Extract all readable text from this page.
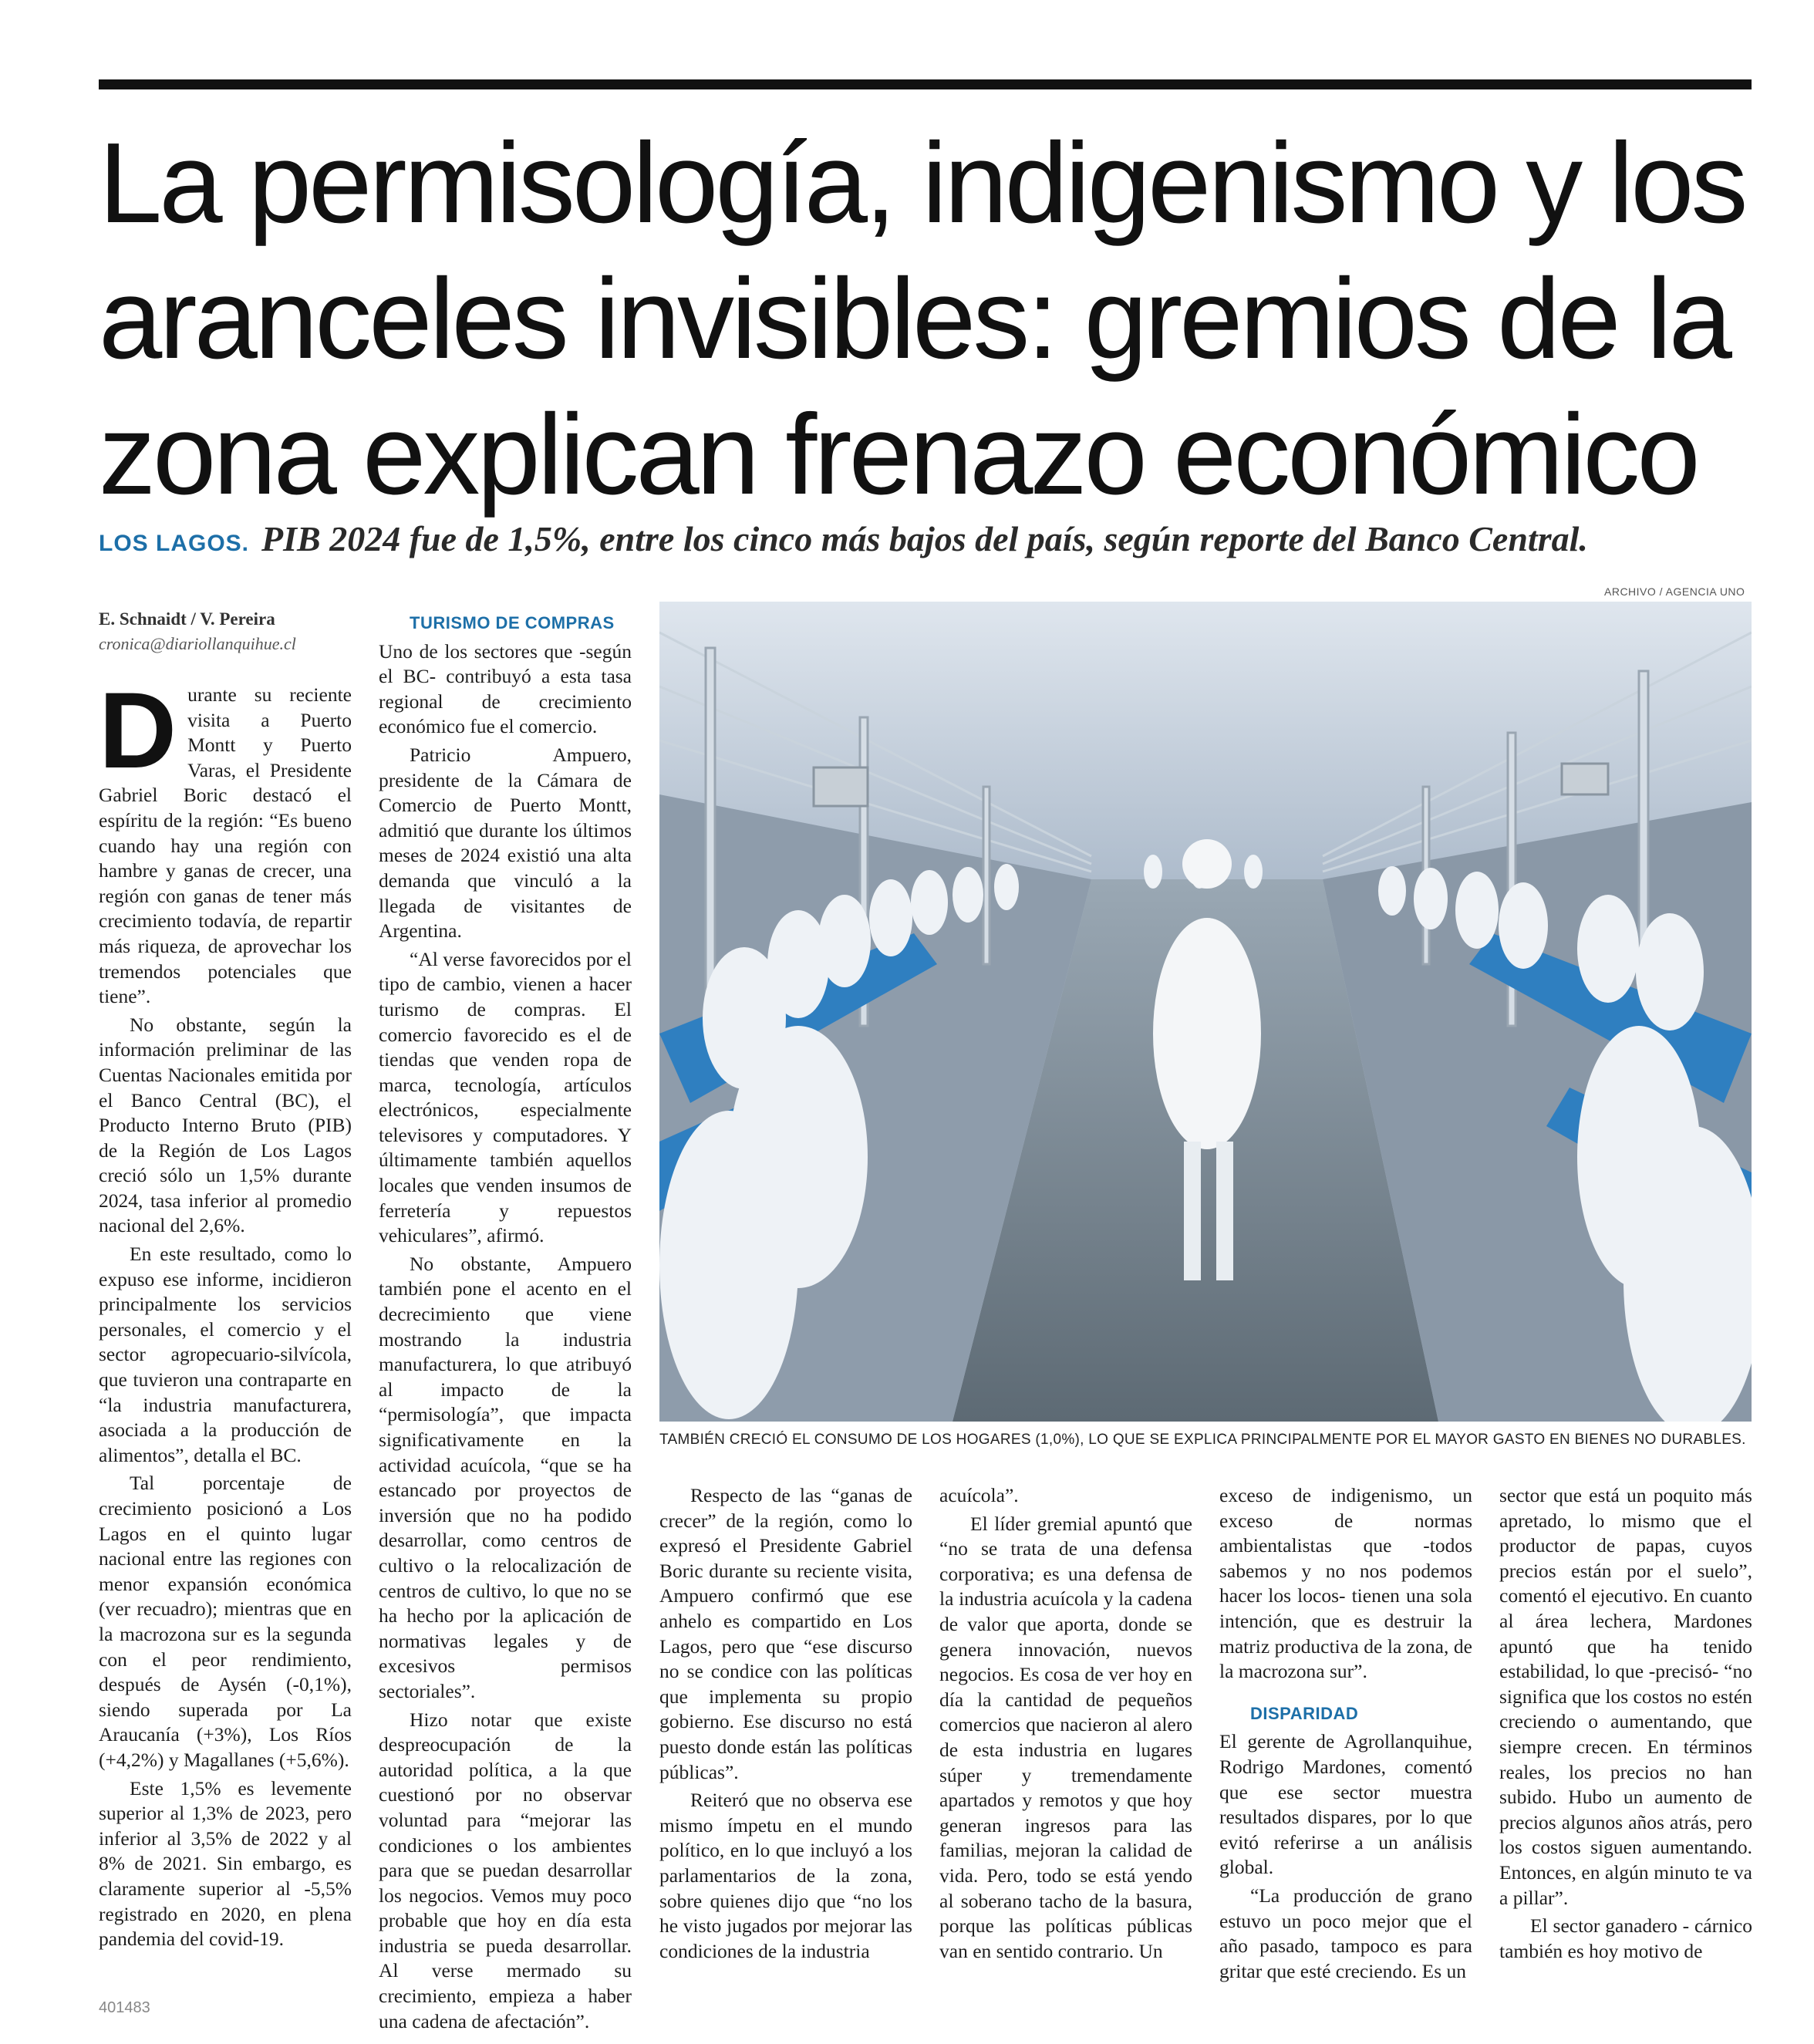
La permisología, indigenismo y los
aranceles invisibles: gremios de la
zona explican frenazo económico
LOS LAGOS. PIB 2024 fue de 1,5%, entre los cinco más bajos del país, según reporte del Banco Central.
E. Schnaidt / V. Pereira
cronica@diariollanquihue.cl

Durante su reciente visita a Puerto Montt y Puerto Varas, el Presidente Gabriel Boric destacó el espíritu de la región: “Es bueno cuando hay una región con hambre y ganas de crecer, una región con ganas de tener más crecimiento todavía, de repartir más riqueza, de aprovechar los tremendos potenciales que tiene”.

No obstante, según la información preliminar de las Cuentas Nacionales emitida por el Banco Central (BC), el Producto Interno Bruto (PIB) de la Región de Los Lagos creció sólo un 1,5% durante 2024, tasa inferior al promedio nacional del 2,6%.

En este resultado, como lo expuso ese informe, incidieron principalmente los servicios personales, el comercio y el sector agropecuario-silvícola, que tuvieron una contraparte en “la industria manufacturera, asociada a la producción de alimentos”, detalla el BC.

Tal porcentaje de crecimiento posicionó a Los Lagos en el quinto lugar nacional entre las regiones con menor expansión económica (ver recuadro); mientras que en la macrozona sur es la segunda con el peor rendimiento, después de Aysén (-0,1%), siendo superada por La Araucanía (+3%), Los Ríos (+4,2%) y Magallanes (+5,6%).

Este 1,5% es levemente superior al 1,3% de 2023, pero inferior al 3,5% de 2022 y al 8% de 2021. Sin embargo, es claramente superior al -5,5% registrado en 2020, en plena pandemia del covid-19.

TURISMO DE COMPRAS

Uno de los sectores que -según el BC- contribuyó a esta tasa regional de crecimiento económico fue el comercio.

Patricio Ampuero, presidente de la Cámara de Comercio de Puerto Montt, admitió que durante los últimos meses de 2024 existió una alta demanda que vinculó a la llegada de visitantes de Argentina.

“Al verse favorecidos por el tipo de cambio, vienen a hacer turismo de compras. El comercio favorecido es el de tiendas que venden ropa de marca, tecnología, artículos electrónicos, especialmente televisores y computadores. Y últimamente también aquellos locales que venden insumos de ferretería y repuestos vehiculares”, afirmó.

No obstante, Ampuero también pone el acento en el decrecimiento que viene mostrando la industria manufacturera, lo que atribuyó al impacto de la “permisología”, que impacta significativamente en la actividad acuícola, “que se ha estancado por proyectos de inversión que no ha podido desarrollar, como centros de cultivo o la relocalización de centros de cultivo, lo que no se ha hecho por la aplicación de normativas legales y de excesivos permisos sectoriales”.

Hizo notar que existe despreocupación de la autoridad política, a la que cuestionó por no observar voluntad para “mejorar las condiciones o los ambientes para que se puedan desarrollar los negocios. Vemos muy poco probable que hoy en día esta industria se pueda desarrollar. Al verse mermado su crecimiento, empieza a haber una cadena de afectación”.

ARCHIVO / AGENCIA UNO
TAMBIÉN CRECIÓ EL CONSUMO DE LOS HOGARES (1,0%), LO QUE SE EXPLICA PRINCIPALMENTE POR EL MAYOR GASTO EN BIENES NO DURABLES.

Respecto de las “ganas de crecer” de la región, como lo expresó el Presidente Gabriel Boric durante su reciente visita, Ampuero confirmó que ese anhelo es compartido en Los Lagos, pero que “ese discurso no se condice con las políticas que implementa su propio gobierno. Ese discurso no está puesto donde están las políticas públicas”.

Reiteró que no observa ese mismo ímpetu en el mundo político, en lo que incluyó a los parlamentarios de la zona, sobre quienes dijo que “no los he visto jugados por mejorar las condiciones de la industria

acuícola”.

El líder gremial apuntó que “no se trata de una defensa corporativa; es una defensa de la industria acuícola y la cadena de valor que aporta, donde se genera innovación, nuevos negocios. Es cosa de ver hoy en día la cantidad de pequeños comercios que nacieron al alero de esta industria en lugares súper y tremendamente apartados y remotos y que hoy generan ingresos para las familias, mejoran la calidad de vida. Pero, todo se está yendo al soberano tacho de la basura, porque las políticas públicas van en sentido contrario. Un

exceso de indigenismo, un exceso de normas ambientalistas que -todos sabemos y no nos podemos hacer los locos- tienen una sola intención, que es destruir la matriz productiva de la zona, de la macrozona sur”.

DISPARIDAD

El gerente de Agrollanquihue, Rodrigo Mardones, comentó que ese sector muestra resultados dispares, por lo que evitó referirse a un análisis global.

“La producción de grano estuvo un poco mejor que el año pasado, tampoco es para gritar que esté creciendo. Es un

sector que está un poquito más apretado, lo mismo que el productor de papas, cuyos precios están por el suelo”, comentó el ejecutivo. En cuanto al área lechera, Mardones apuntó que ha tenido estabilidad, lo que -precisó- “no significa que los costos no estén creciendo o aumentando, que siempre crecen. En términos reales, los precios no han subido. Hubo un aumento de precios algunos años atrás, pero los costos siguen aumentando. Entonces, en algún minuto te va a pillar”.

El sector ganadero - cárnico también es hoy motivo de

401483
